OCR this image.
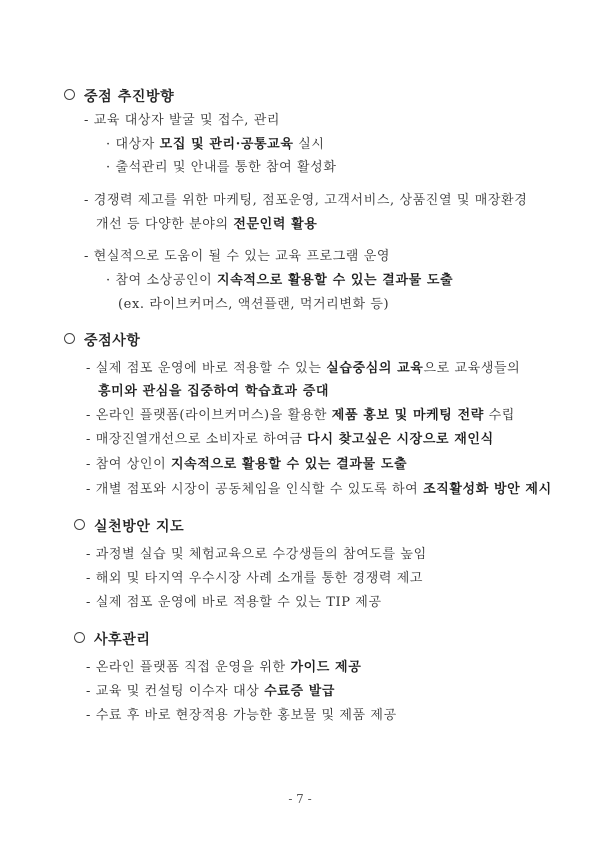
중점 추진방향
- 교육 대상자 발굴 및 접수, 관리
· 대상자 모집 및 관리·공통교육 실시
· 출석관리 및 안내를 통한 참여 활성화
- 경쟁력 제고를 위한 마케팅, 점포운영, 고객서비스, 상품진열 및 매장환경
개선 등 다양한 분야의 전문인력 활용
- 현실적으로 도움이 될 수 있는 교육 프로그램 운영
· 참여 소상공인이 지속적으로 활용할 수 있는 결과물 도출
(ex. 라이브커머스, 액션플랜, 먹거리변화 등)
중점사항
- 실제 점포 운영에 바로 적용할 수 있는 실습중심의 교육으로 교육생들의
흥미와 관심을 집중하여 학습효과 증대
- 온라인 플랫폼(라이브커머스)을 활용한 제품 홍보 및 마케팅 전략 수립
- 매장진열개선으로 소비자로 하여금 다시 찾고싶은 시장으로 재인식
- 참여 상인이 지속적으로 활용할 수 있는 결과물 도출
- 개별 점포와 시장이 공동체임을 인식할 수 있도록 하여 조직활성화 방안 제시
실천방안 지도
- 과정별 실습 및 체험교육으로 수강생들의 참여도를 높임
- 해외 및 타지역 우수시장 사례 소개를 통한 경쟁력 제고
- 실제 점포 운영에 바로 적용할 수 있는 TIP 제공
사후관리
- 온라인 플랫폼 직접 운영을 위한 가이드 제공
- 교육 및 컨설팅 이수자 대상 수료증 발급
- 수료 후 바로 현장적용 가능한 홍보물 및 제품 제공
- 7 -
